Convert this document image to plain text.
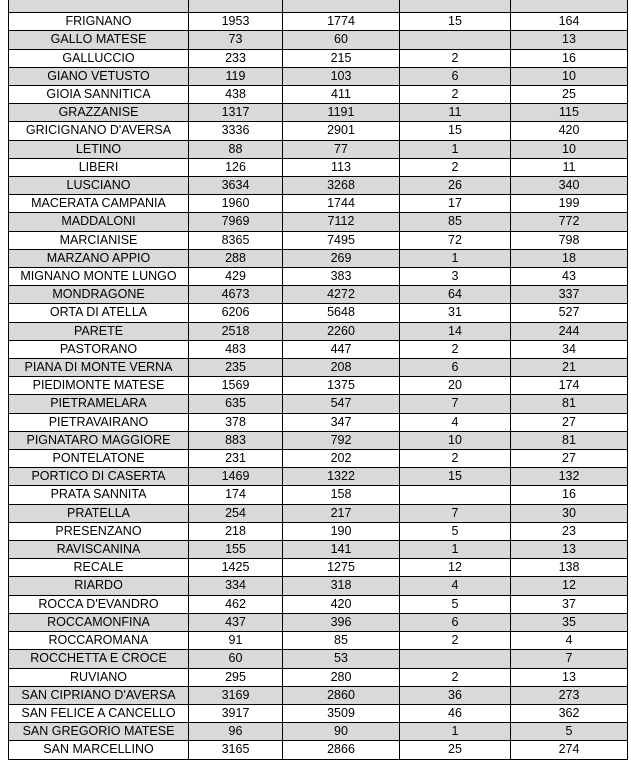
FRIGNANO	1953	1774	15	164
GALLO MATESE	73	60		13
GALLUCCIO	233	215	2	16
GIANO VETUSTO	119	103	6	10
GIOIA SANNITICA	438	411	2	25
GRAZZANISE	1317	1191	11	115
GRICIGNANO D'AVERSA	3336	2901	15	420
LETINO	88	77	1	10
LIBERI	126	113	2	11
LUSCIANO	3634	3268	26	340
MACERATA CAMPANIA	1960	1744	17	199
MADDALONI	7969	7112	85	772
MARCIANISE	8365	7495	72	798
MARZANO APPIO	288	269	1	18
MIGNANO MONTE LUNGO	429	383	3	43
MONDRAGONE	4673	4272	64	337
ORTA DI ATELLA	6206	5648	31	527
PARETE	2518	2260	14	244
PASTORANO	483	447	2	34
PIANA DI MONTE VERNA	235	208	6	21
PIEDIMONTE MATESE	1569	1375	20	174
PIETRAMELARA	635	547	7	81
PIETRAVAIRANO	378	347	4	27
PIGNATARO MAGGIORE	883	792	10	81
PONTELATONE	231	202	2	27
PORTICO DI CASERTA	1469	1322	15	132
PRATA SANNITA	174	158		16
PRATELLA	254	217	7	30
PRESENZANO	218	190	5	23
RAVISCANINA	155	141	1	13
RECALE	1425	1275	12	138
RIARDO	334	318	4	12
ROCCA D'EVANDRO	462	420	5	37
ROCCAMONFINA	437	396	6	35
ROCCAROMANA	91	85	2	4
ROCCHETTA E CROCE	60	53		7
RUVIANO	295	280	2	13
SAN CIPRIANO D'AVERSA	3169	2860	36	273
SAN FELICE A CANCELLO	3917	3509	46	362
SAN GREGORIO MATESE	96	90	1	5
SAN MARCELLINO	3165	2866	25	274
